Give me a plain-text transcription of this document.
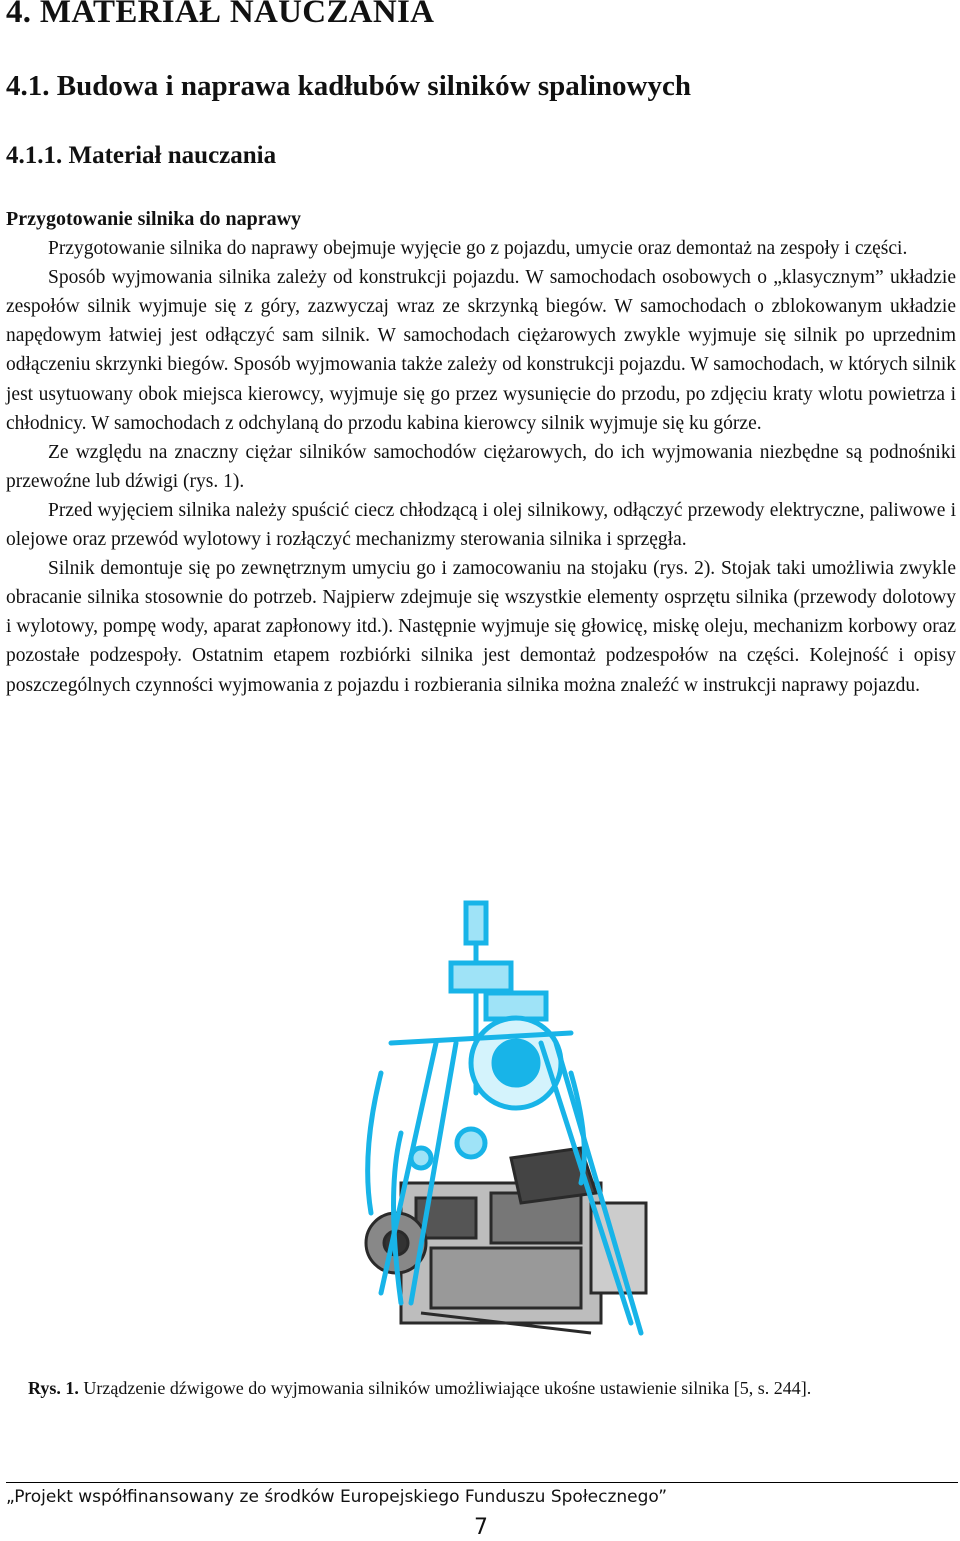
4. MATERIAŁ NAUCZANIA
4.1. Budowa i naprawa kadłubów silników spalinowych
4.1.1. Materiał nauczania

Przygotowanie silnika do naprawy

Przygotowanie silnika do naprawy obejmuje wyjęcie go z pojazdu, umycie oraz demontaż na zespoły i części.

Sposób wyjmowania silnika zależy od konstrukcji pojazdu. W samochodach osobowych o „klasycznym” układzie zespołów silnik wyjmuje się z góry, zazwyczaj wraz ze skrzynką biegów. W samochodach o zblokowanym układzie napędowym łatwiej jest odłączyć sam silnik. W samochodach ciężarowych zwykle wyjmuje się silnik po uprzednim odłączeniu skrzynki biegów. Sposób wyjmowania także zależy od konstrukcji pojazdu. W samochodach, w których silnik jest usytuowany obok miejsca kierowcy, wyjmuje się go przez wysunięcie do przodu, po zdjęciu kraty wlotu powietrza i chłodnicy. W samochodach z odchylaną do przodu kabina kierowcy silnik wyjmuje się ku górze.

Ze względu na znaczny ciężar silników samochodów ciężarowych, do ich wyjmowania niezbędne są podnośniki przewoźne lub dźwigi (rys. 1).

Przed wyjęciem silnika należy spuścić ciecz chłodzącą i olej silnikowy, odłączyć przewody elektryczne, paliwowe i olejowe oraz przewód wylotowy i rozłączyć mechanizmy sterowania silnika i sprzęgła.

Silnik demontuje się po zewnętrznym umyciu go i zamocowaniu na stojaku (rys. 2). Stojak taki umożliwia zwykle obracanie silnika stosownie do potrzeb. Najpierw zdejmuje się wszystkie elementy osprzętu silnika (przewody dolotowy i wylotowy, pompę wody, aparat zapłonowy itd.). Następnie wyjmuje się głowicę, miskę oleju, mechanizm korbowy oraz pozostałe podzespoły. Ostatnim etapem rozbiórki silnika jest demontaż podzespołów na części. Kolejność i opisy poszczególnych czynności wyjmowania z pojazdu i rozbierania silnika można znaleźć w instrukcji naprawy pojazdu.

Rys. 1. Urządzenie dźwigowe do wyjmowania silników umożliwiające ukośne ustawienie silnika [5, s. 244].
„Projekt współfinansowany ze środków Europejskiego Funduszu Społecznego”
7
